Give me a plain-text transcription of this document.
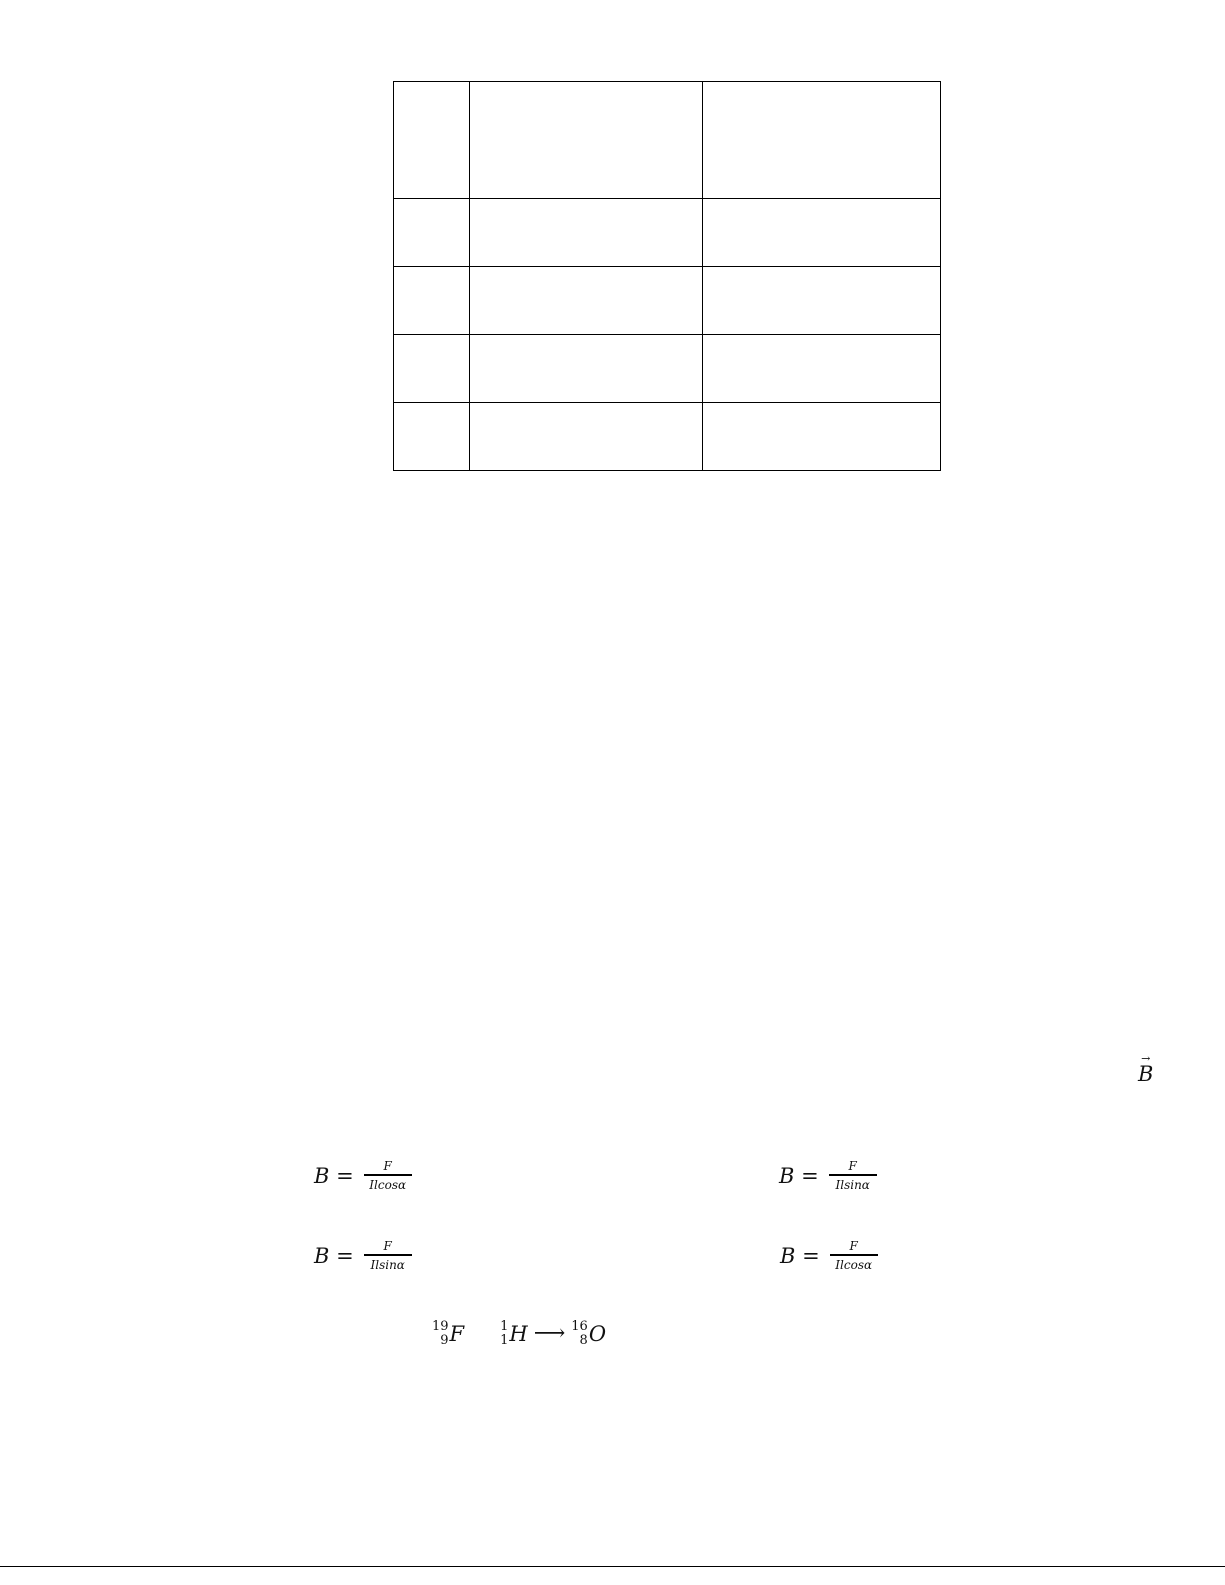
→
B
$B = \frac{F}{Ilcos\alpha}$	$B = \frac{F}{Ilsin\alpha}$
$B = \frac{F}{Ilsin\alpha}$	$B = \frac{F}{Ilcos\alpha}$
19
9 F	1
1 H ⟶ 16
8 O
